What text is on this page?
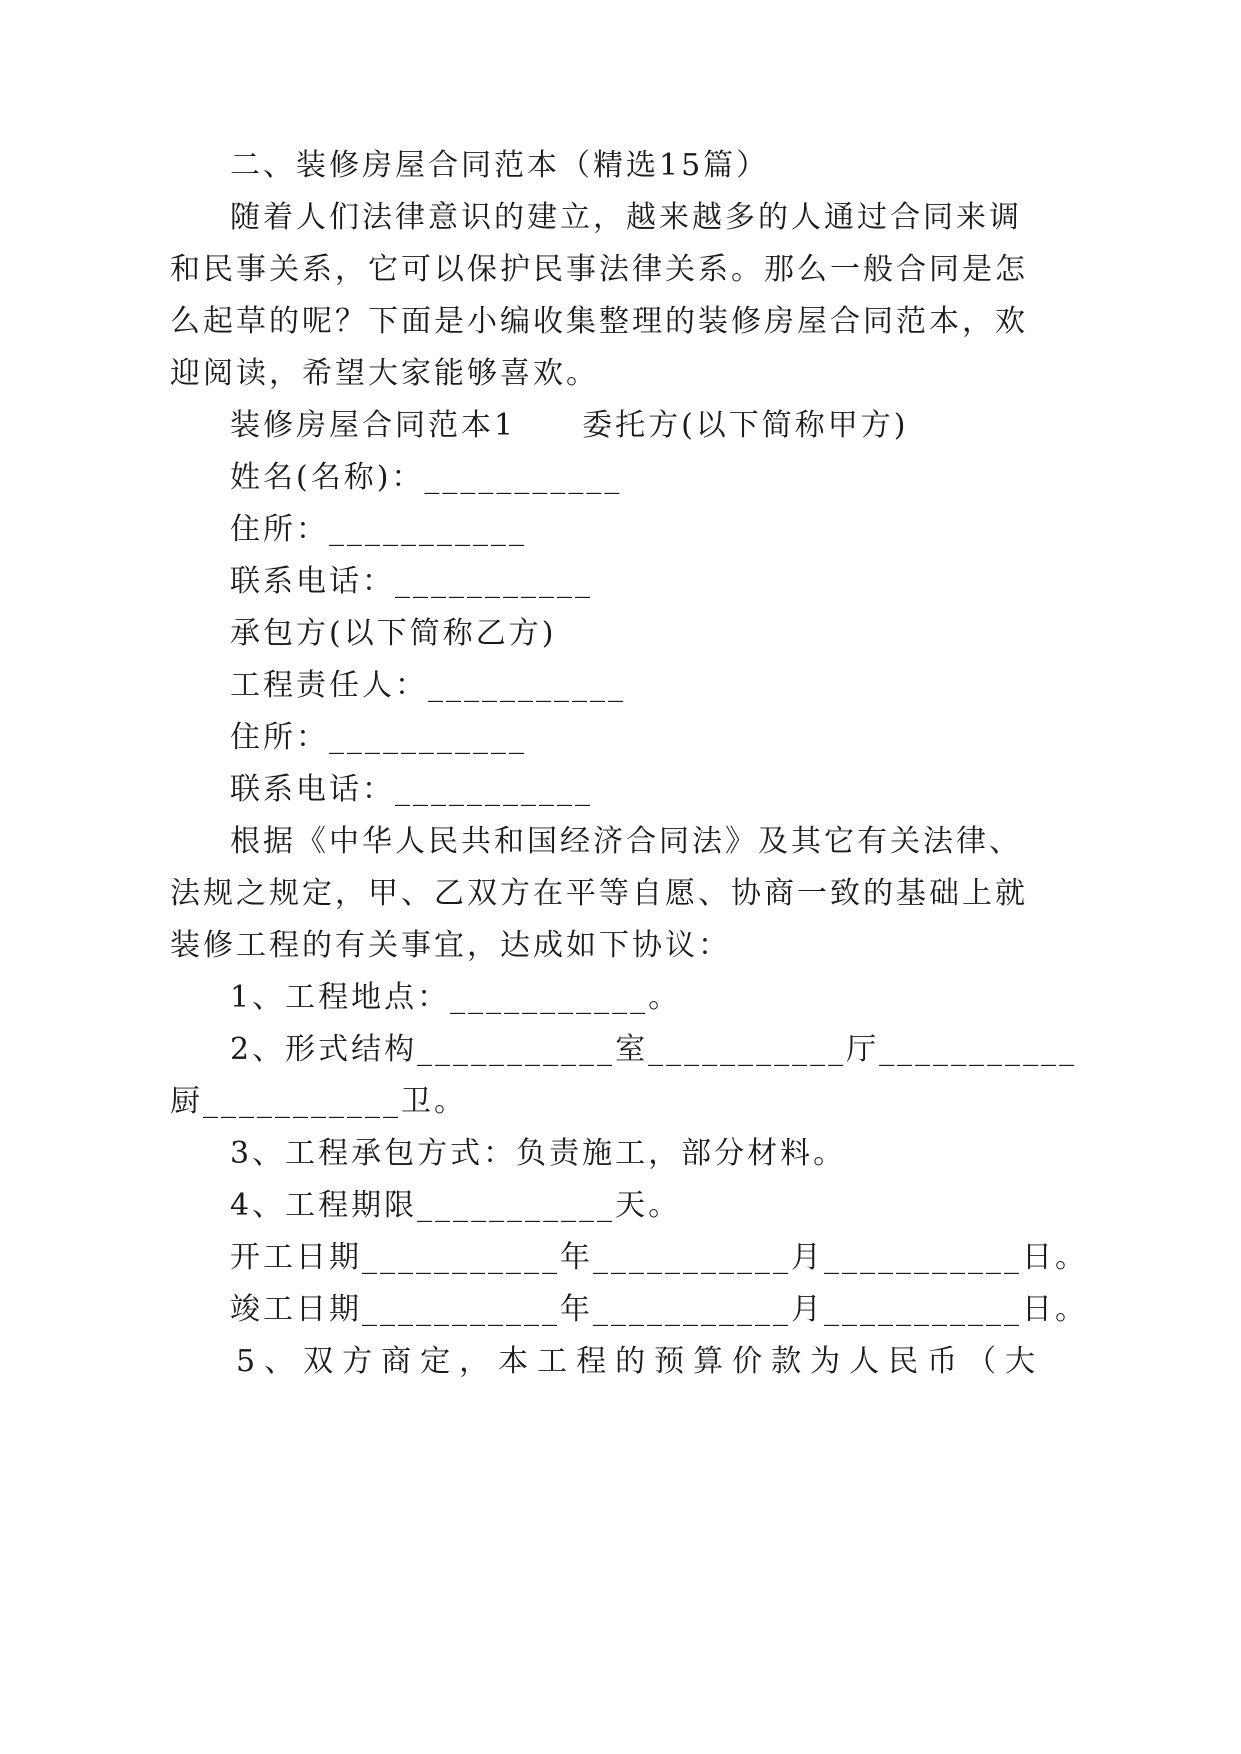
二、装修房屋合同范本（精选15篇）

随着人们法律意识的建立，越来越多的人通过合同来调

和民事关系，它可以保护民事法律关系。那么一般合同是怎

么起草的呢？下面是小编收集整理的装修房屋合同范本，欢

迎阅读，希望大家能够喜欢。

装修房屋合同范本1　　委托方(以下简称甲方)

姓名(名称)：___________

住所：___________

联系电话：___________

承包方(以下简称乙方)

工程责任人：___________

住所：___________

联系电话：___________

根据《中华人民共和国经济合同法》及其它有关法律、

法规之规定，甲、乙双方在平等自愿、协商一致的基础上就

装修工程的有关事宜，达成如下协议：

1、工程地点：___________。

2、形式结构___________室___________厅___________

厨___________卫。

3、工程承包方式：负责施工，部分材料。

4、工程期限___________天。

开工日期___________年___________月___________日。

竣工日期___________年___________月___________日。

5、双方商定，本工程的预算价款为人民币（大
